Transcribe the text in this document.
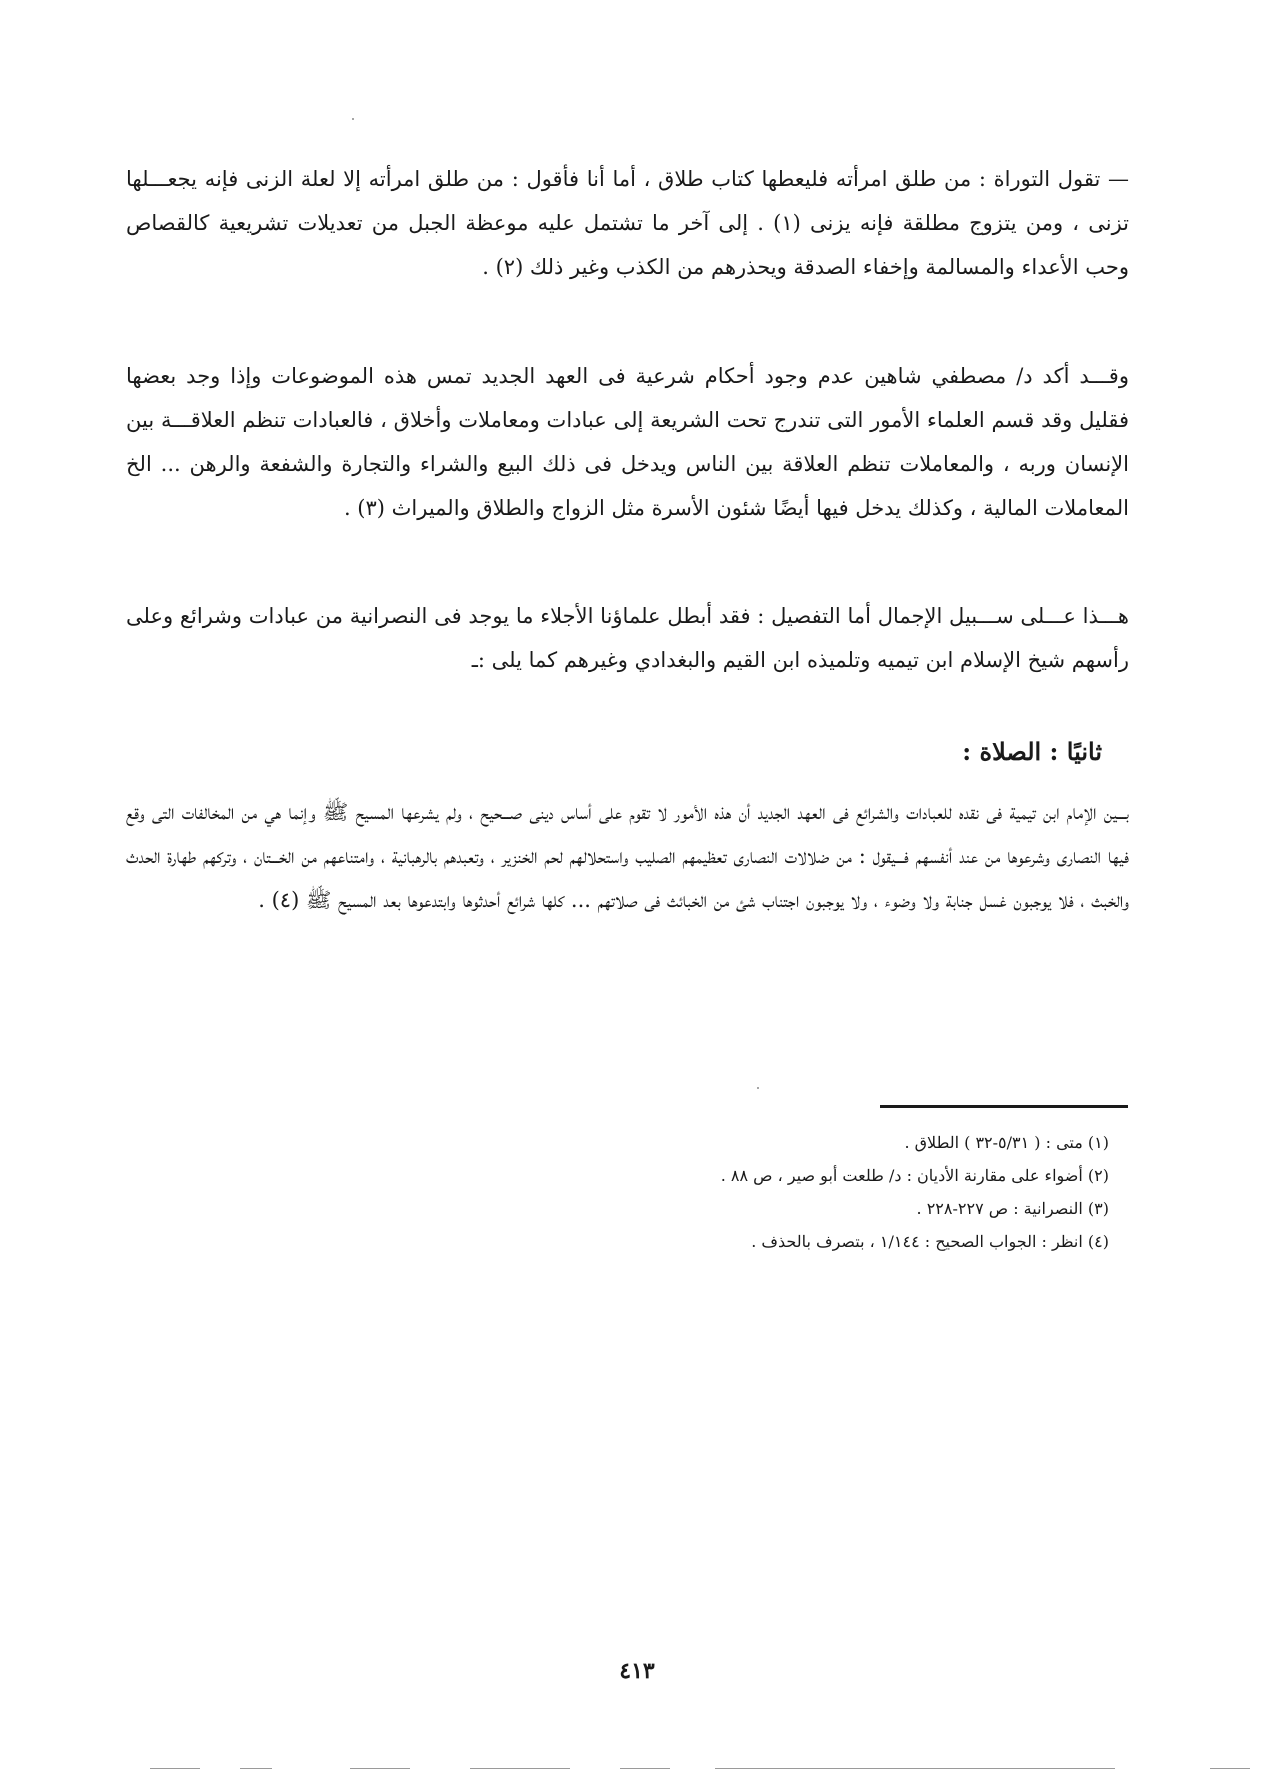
— تقول التوراة : من طلق امرأته فليعطها كتاب طلاق ، أما أنا فأقول : من طلق امرأته إلا لعلة الزنى فإنه يجعـــلها تزنى ، ومن يتزوج مطلقة فإنه يزنى (١) . إلى آخر ما تشتمل عليه موعظة الجبل من تعديلات تشريعية كالقصاص وحب الأعداء والمسالمة وإخفاء الصدقة ويحذرهم من الكذب وغير ذلك (٢) .

وقـــد أكد د/ مصطفي شاهين عدم وجود أحكام شرعية فى العهد الجديد تمس هذه الموضوعات وإذا وجد بعضها فقليل وقد قسم العلماء الأمور التى تندرج تحت الشريعة إلى عبادات ومعاملات وأخلاق ، فالعبادات تنظم العلاقـــة بين الإنسان وربه ، والمعاملات تنظم العلاقة بين الناس ويدخل فى ذلك البيع والشراء والتجارة والشفعة والرهن ... الخ المعاملات المالية ، وكذلك يدخل فيها أيضًا شئون الأسرة مثل الزواج والطلاق والميراث (٣) .

هـــذا عـــلى ســـبيل الإجمال أما التفصيل : فقد أبطل علماؤنا الأجلاء ما يوجد فى النصرانية من عبادات وشرائع وعلى رأسهم شيخ الإسلام ابن تيميه وتلميذه ابن القيم والبغدادي وغيرهم كما يلى :ـ

ثانيًا : الصلاة :

بـــين الإمام ابن تيمية فى نقده للعبادات والشرائع فى العهد الجديد أن هذه الأمور لا تقوم على أساس دينى صـــحيح ، ولم يشرعها المسيح ﷺ وإنما هي من المخالفات التى وقع فيها النصارى وشرعوها من عند أنفسهم فـــيقول : من ضلالات النصارى تعظيمهم الصليب واستحلالهم لحم الخنزير ، وتعبدهم بالرهبانية ، وامتناعهم من الخـــتان ، وتركهم طهارة الحدث والخبث ، فلا يوجبون غسل جنابة ولا وضوء ، ولا يوجبون اجتناب شئ من الخبائث فى صلاتهم ... كلها شرائع أحدثوها وابتدعوها بعد المسيح ﷺ (٤) .

(١) متى : ( ٥/٣١-٣٢ ) الطلاق .
(٢) أضواء على مقارنة الأديان : د/ طلعت أبو صير ، ص ٨٨ .
(٣) النصرانية : ص ٢٢٧-٢٢٨ .
(٤) انظر : الجواب الصحيح : ١/١٤٤ ، بتصرف بالحذف .
٤١٣
